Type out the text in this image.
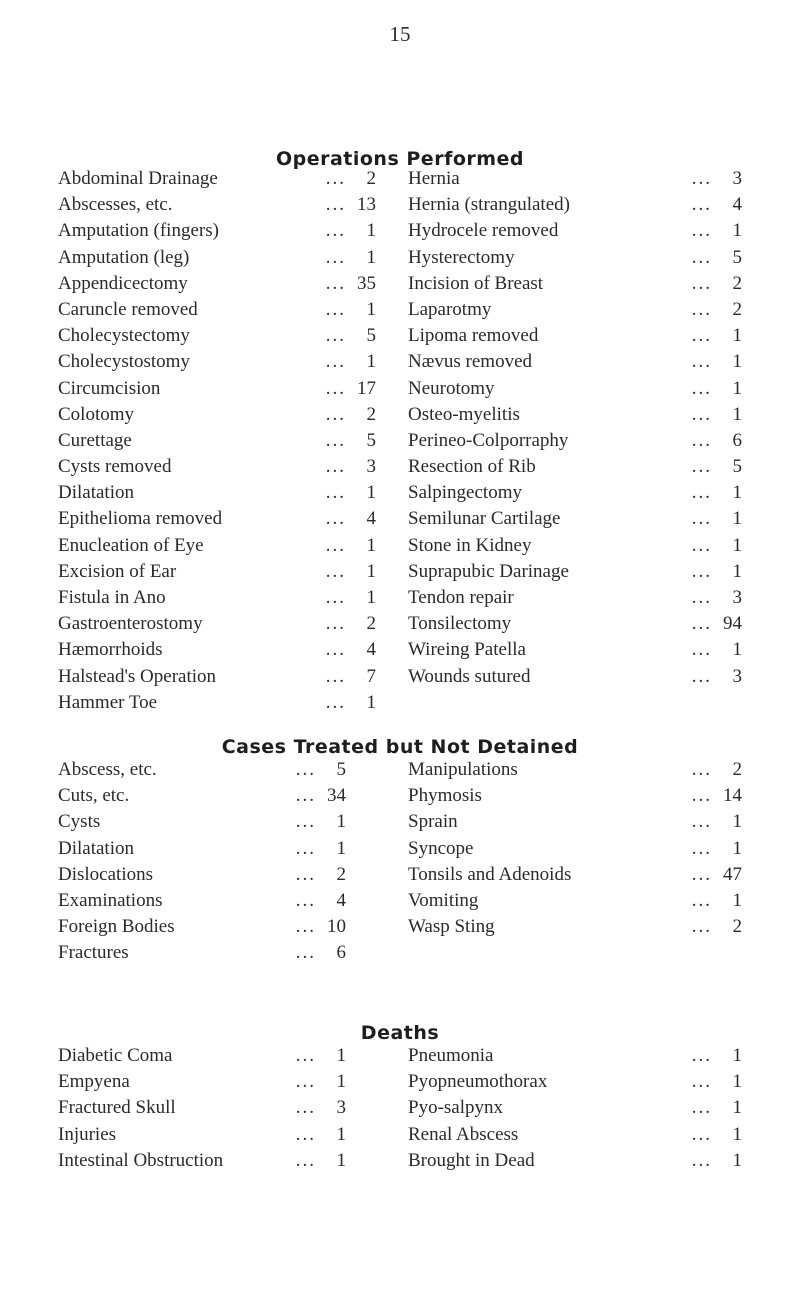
15
Operations Performed
Abdominal Drainage	...	2
Abscesses, etc.	... 13
Amputation (fingers)	...	1
Amputation (leg)	...	1
Appendicectomy	... 35
Caruncle removed	...	1
Cholecystectomy	...	5
Cholecystostomy	...	1
Circumcision	... 17
Colotomy	...	2
Curettage	...	5
Cysts removed	...	3
Dilatation	...	1
Epithelioma removed	...	4
Enucleation of Eye	...	1
Excision of Ear	...	1
Fistula in Ano	...	1
Gastroenterostomy	...	2
Hæmorrhoids	...	4
Halstead's Operation	...	7
Hammer Toe	...	1
Hernia	...	3
Hernia (strangulated)	...	4
Hydrocele removed	...	1
Hysterectomy	...	5
Incision of Breast	...	2
Laparotmy	...	2
Lipoma removed	...	1
Nævus removed	...	1
Neurotomy	...	1
Osteo-myelitis	...	1
Perineo-Colporraphy	...	6
Resection of Rib	...	5
Salpingectomy	...	1
Semilunar Cartilage	...	1
Stone in Kidney	...	1
Suprapubic Darinage	...	1
Tendon repair	...	3
Tonsilectomy	... 94
Wireing Patella	...	1
Wounds sutured	...	3
Cases Treated but Not Detained
Abscess, etc.	...	5
Cuts, etc.	... 34
Cysts	...	1
Dilatation	...	1
Dislocations	...	2
Examinations	...	4
Foreign Bodies	... 10
Fractures	...	6
Manipulations	...	2
Phymosis	... 14
Sprain	...	1
Syncope	...	1
Tonsils and Adenoids	... 47
Vomiting	...	1
Wasp Sting	...	2
Deaths
Diabetic Coma	...	1
Empyena	...	1
Fractured Skull	...	3
Injuries	...	1
Intestinal Obstruction	...	1
Pneumonia	...	1
Pyopneumothorax	...	1
Pyo-salpynx	...	1
Renal Abscess	...	1
Brought in Dead	...	1
